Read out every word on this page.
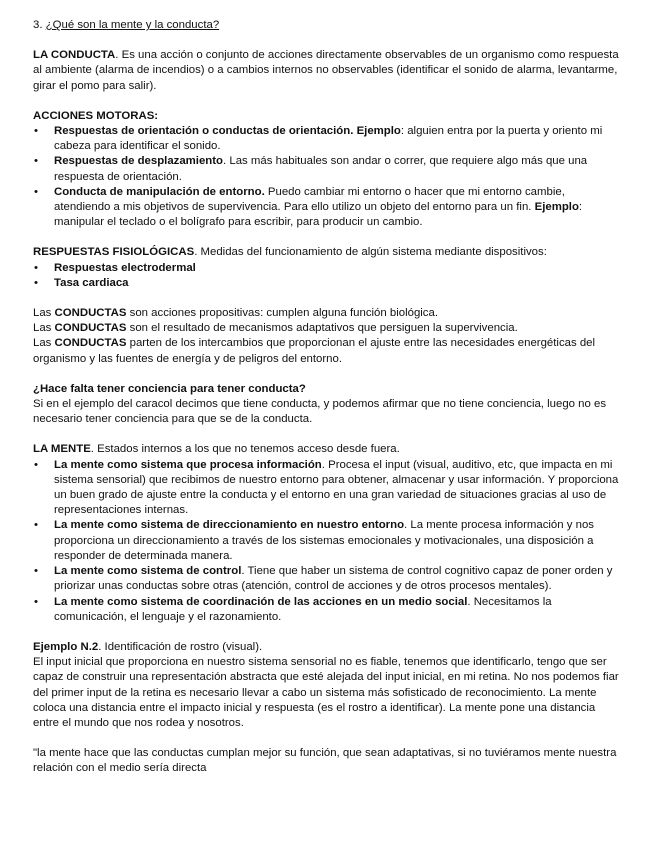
3. ¿Qué son la mente y la conducta?

LA CONDUCTA. Es una acción o conjunto de acciones directamente observables de un organismo como respuesta al ambiente (alarma de incendios) o a cambios internos no observables (identificar el sonido de alarma, levantarme, girar el pomo para salir).

ACCIONES MOTORAS:

• Respuestas de orientación o conductas de orientación. Ejemplo: alguien entra por la puerta y oriento mi cabeza para identificar el sonido.
• Respuestas de desplazamiento. Las más habituales son andar o correr, que requiere algo más que una respuesta de orientación.
• Conducta de manipulación de entorno. Puedo cambiar mi entorno o hacer que mi entorno cambie, atendiendo a mis objetivos de supervivencia. Para ello utilizo un objeto del entorno para un fin. Ejemplo: manipular el teclado o el bolígrafo para escribir, para producir un cambio.

RESPUESTAS FISIOLÓGICAS. Medidas del funcionamiento de algún sistema mediante dispositivos:

• Respuestas electrodermal
• Tasa cardiaca

Las CONDUCTAS son acciones propositivas: cumplen alguna función biológica.

Las CONDUCTAS son el resultado de mecanismos adaptativos que persiguen la supervivencia.

Las CONDUCTAS parten de los intercambios que proporcionan el ajuste entre las necesidades energéticas del organismo y las fuentes de energía y de peligros del entorno.

¿Hace falta tener conciencia para tener conducta?

Si en el ejemplo del caracol decimos que tiene conducta, y podemos afirmar que no tiene conciencia, luego no es necesario tener conciencia para que se de la conducta.

LA MENTE. Estados internos a los que no tenemos acceso desde fuera.

• La mente como sistema que procesa información. Procesa el input (visual, auditivo, etc, que impacta en mi sistema sensorial) que recibimos de nuestro entorno para obtener, almacenar y usar información. Y proporciona un buen grado de ajuste entre la conducta y el entorno en una gran variedad de situaciones gracias al uso de representaciones internas.
• La mente como sistema de direccionamiento en nuestro entorno. La mente procesa información y nos proporciona un direccionamiento a través de los sistemas emocionales y motivacionales, una disposición a responder de determinada manera.
• La mente como sistema de control. Tiene que haber un sistema de control cognitivo capaz de poner orden y priorizar unas conductas sobre otras (atención, control de acciones y de otros procesos mentales).
• La mente como sistema de coordinación de las acciones en un medio social. Necesitamos la comunicación, el lenguaje y el razonamiento.

Ejemplo N.2. Identificación de rostro (visual).

El input inicial que proporciona en nuestro sistema sensorial no es fiable, tenemos que identificarlo, tengo que ser capaz de construir una representación abstracta que esté alejada del input inicial, en mi retina. No nos podemos fiar del primer input de la retina es necesario llevar a cabo un sistema más sofisticado de reconocimiento. La mente coloca una distancia entre el impacto inicial y respuesta (es el rostro a identificar). La mente pone una distancia entre el mundo que nos rodea y nosotros.

"la mente hace que las conductas cumplan mejor su función, que sean adaptativas, si no tuviéramos mente nuestra relación con el medio sería directa
